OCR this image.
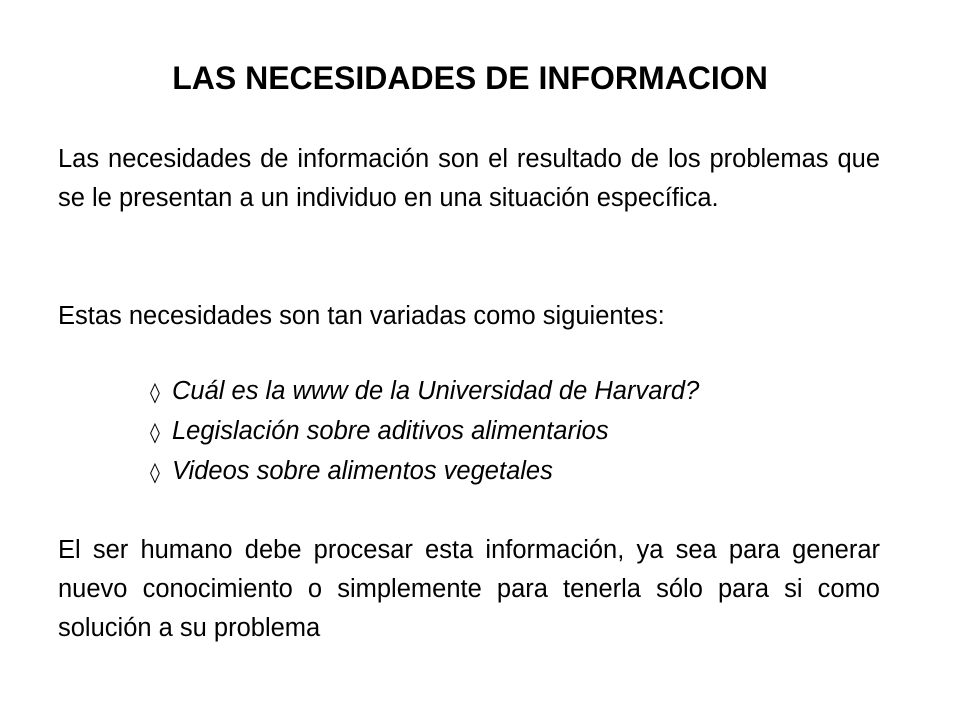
LAS NECESIDADES DE INFORMACION

Las necesidades de información son el resultado de los problemas que se le presentan a un individuo en una situación específica.

Estas necesidades son tan variadas como siguientes:

◊ Cuál es la www de la Universidad de Harvard?
◊ Legislación sobre aditivos alimentarios
◊ Videos sobre alimentos vegetales

El ser humano debe procesar esta información, ya sea para generar nuevo conocimiento o simplemente para tenerla sólo para si como solución a su problema
